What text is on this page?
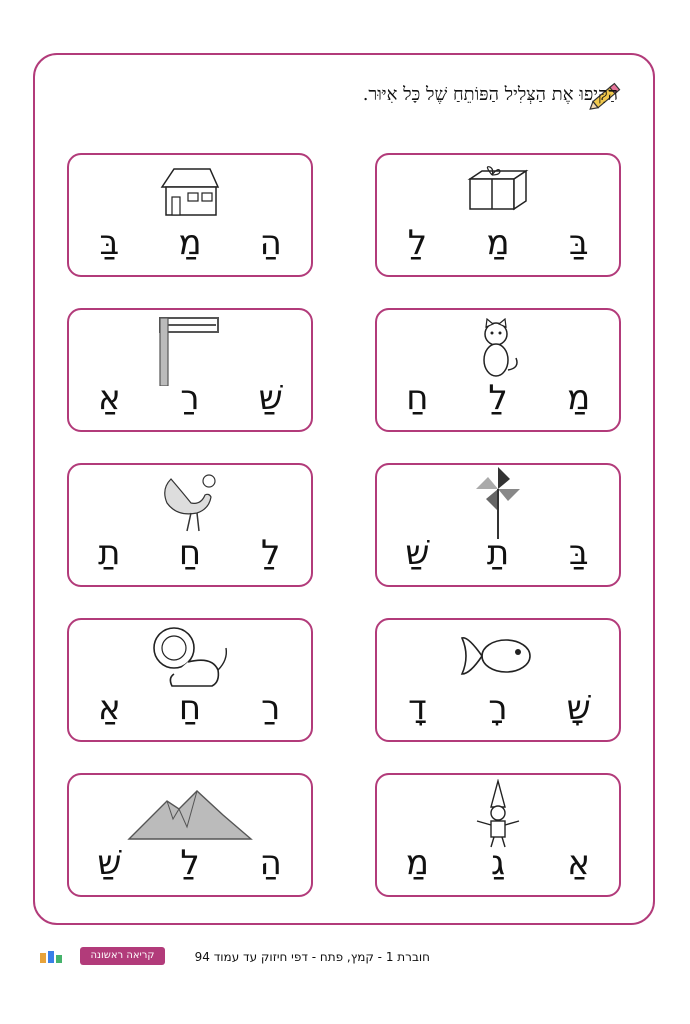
הַקִּיפוּ אֶת הַצְּלִיל הַפּוֹתֵחַ שֶׁל כָּל אִיּוּר.
בַּ
מַ
לַ
הַ
מַ
בַּ
מַ
לַ
חַ
שַׁ
רַ
אַ
בַּ
תַ
שַׁ
לַ
חַ
תַ
שָׁ
רָ
דָ
רַ
חַ
אַ
אַ
גַ
מַ
הַ
לַ
שַׁ
קריאה ראשונה	חוברת 1 - קמץ, פתח - דפי חיזוק עד עמוד 94
